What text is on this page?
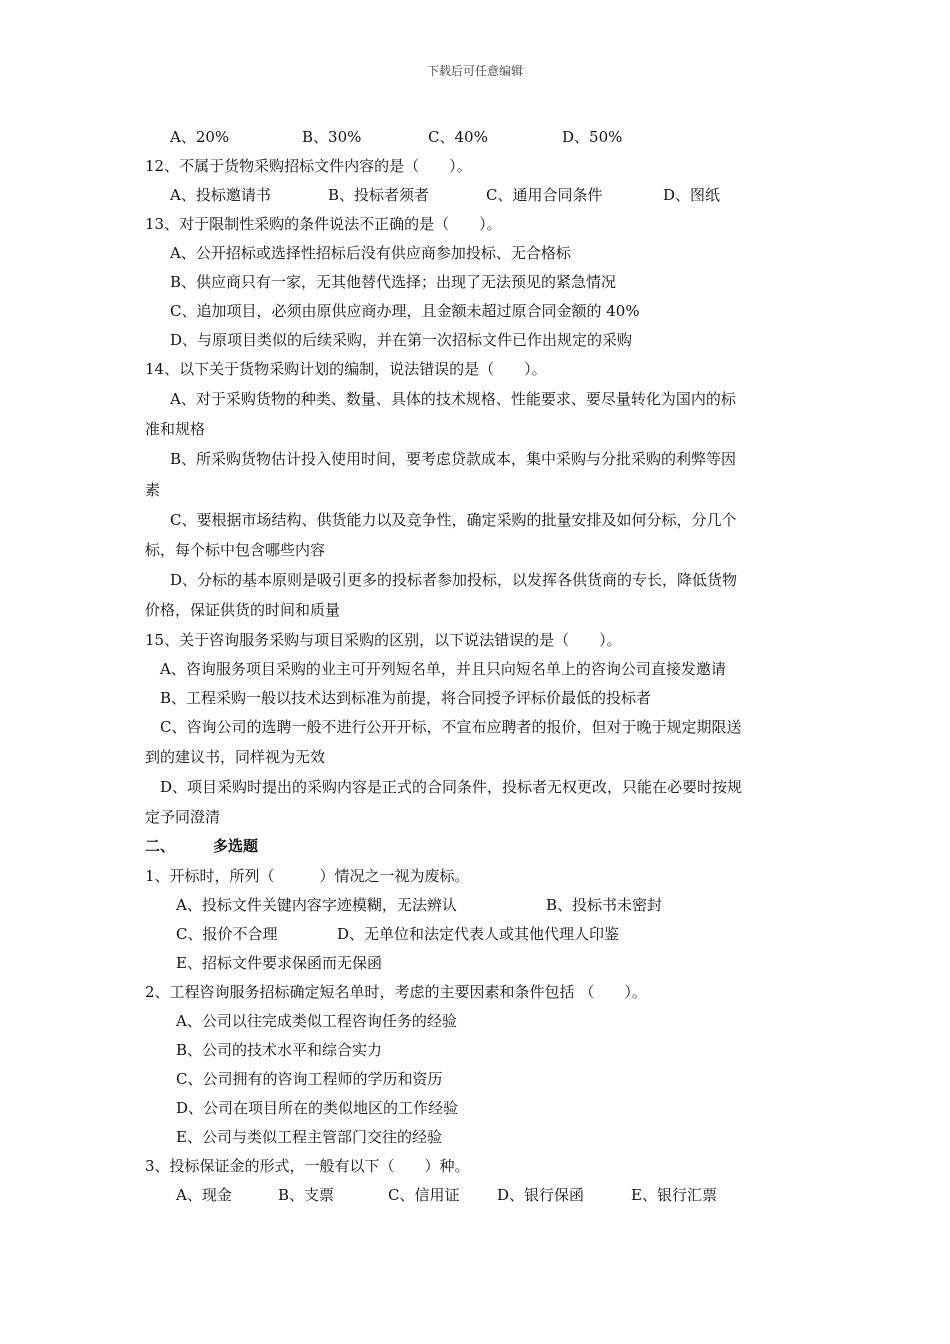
下载后可任意编辑
A、20%	B、30%	C、40%	D、50%
12、不属于货物采购招标文件内容的是（　　）。
A、投标邀请书	B、投标者须者	C、通用合同条件	D、图纸
13、对于限制性采购的条件说法不正确的是（　　）。
A、公开招标或选择性招标后没有供应商参加投标、无合格标
B、供应商只有一家，无其他替代选择；出现了无法预见的紧急情况
C、追加项目，必须由原供应商办理，且金额未超过原合同金额的 40%
D、与原项目类似的后续采购，并在第一次招标文件已作出规定的采购
14、以下关于货物采购计划的编制，说法错误的是（　　）。
A、对于采购货物的种类、数量、具体的技术规格、性能要求、要尽量转化为国内的标
准和规格
B、所采购货物估计投入使用时间，要考虑贷款成本，集中采购与分批采购的利弊等因
素
C、要根据市场结构、供货能力以及竞争性，确定采购的批量安排及如何分标，分几个
标，每个标中包含哪些内容
D、分标的基本原则是吸引更多的投标者参加投标，以发挥各供货商的专长，降低货物
价格，保证供货的时间和质量
15、关于咨询服务采购与项目采购的区别，以下说法错误的是（　　）。
A、咨询服务项目采购的业主可开列短名单，并且只向短名单上的咨询公司直接发邀请
B、工程采购一般以技术达到标准为前提，将合同授予评标价最低的投标者
C、咨询公司的选聘一般不进行公开开标，不宣布应聘者的报价，但对于晚于规定期限送
到的建议书，同样视为无效
D、项目采购时提出的采购内容是正式的合同条件，投标者无权更改，只能在必要时按规
定予同澄清
二、	多选题
1、开标时，所列（　　　）情况之一视为废标。
A、投标文件关键内容字迹模糊，无法辨认	B、投标书未密封
C、报价不合理	D、无单位和法定代表人或其他代理人印鉴
E、招标文件要求保函而无保函
2、工程咨询服务招标确定短名单时，考虑的主要因素和条件包括 （　　）。
A、公司以往完成类似工程咨询任务的经验
B、公司的技术水平和综合实力
C、公司拥有的咨询工程师的学历和资历
D、公司在项目所在的类似地区的工作经验
E、公司与类似工程主管部门交往的经验
3、投标保证金的形式，一般有以下（　　）种。
A、现金	B、支票	C、信用证	D、银行保函	E、银行汇票
